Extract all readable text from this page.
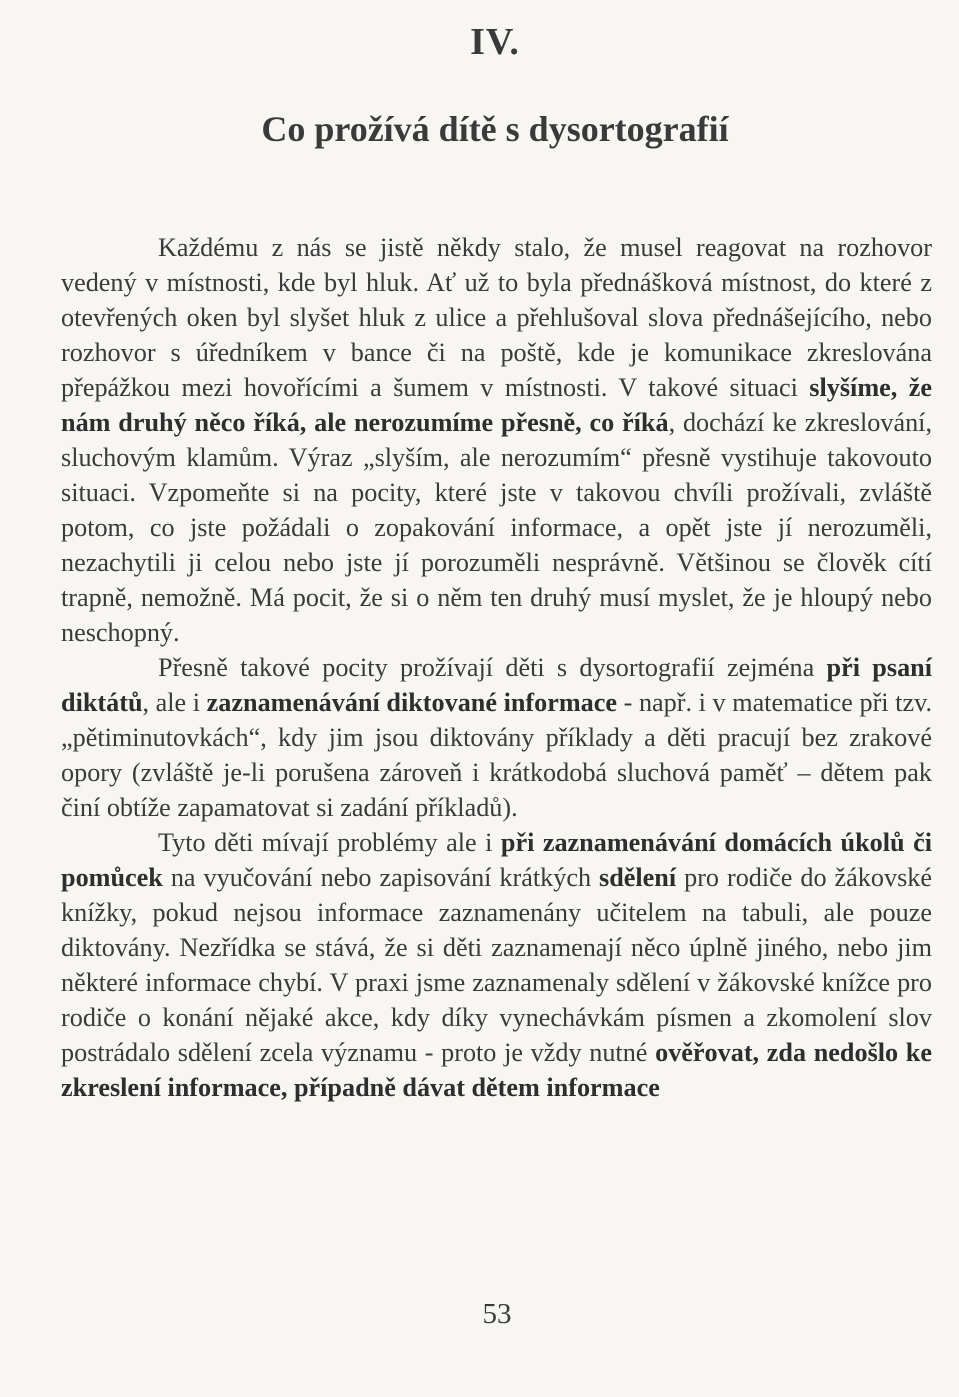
IV.
Co prožívá dítě s dysortografií

Každému z nás se jistě někdy stalo, že musel reagovat na rozhovor vedený v místnosti, kde byl hluk. Ať už to byla přednášková místnost, do které z otevřených oken byl slyšet hluk z ulice a přehlušoval slova přednášejícího, nebo rozhovor s úředníkem v bance či na poště, kde je komunikace zkreslována přepážkou mezi hovořícími a šumem v místnosti. V takové situaci slyšíme, že nám druhý něco říká, ale nerozumíme přesně, co říká, dochází ke zkreslování, sluchovým klamům. Výraz „slyším, ale nerozumím“ přesně vystihuje takovouto situaci. Vzpomeňte si na pocity, které jste v takovou chvíli prožívali, zvláště potom, co jste požádali o zopakování informace, a opět jste jí nerozuměli, nezachytili ji celou nebo jste jí porozuměli nesprávně. Většinou se člověk cítí trapně, nemožně. Má pocit, že si o něm ten druhý musí myslet, že je hloupý nebo neschopný.

Přesně takové pocity prožívají děti s dysortografií zejména při psaní diktátů, ale i zaznamenávání diktované informace - např. i v matematice při tzv. „pětiminutovkách“, kdy jim jsou diktovány příklady a děti pracují bez zrakové opory (zvláště je-li porušena zároveň i krátkodobá sluchová paměť – dětem pak činí obtíže zapamatovat si zadání příkladů).

Tyto děti mívají problémy ale i při zaznamenávání domácích úkolů či pomůcek na vyučování nebo zapisování krátkých sdělení pro rodiče do žákovské knížky, pokud nejsou informace zaznamenány učitelem na tabuli, ale pouze diktovány. Nezřídka se stává, že si děti zaznamenají něco úplně jiného, nebo jim některé informace chybí. V praxi jsme zaznamenaly sdělení v žákovské knížce pro rodiče o konání nějaké akce, kdy díky vynechávkám písmen a zkomolení slov postrádalo sdělení zcela významu - proto je vždy nutné ověřovat, zda nedošlo ke zkreslení informace, případně dávat dětem informace

53
